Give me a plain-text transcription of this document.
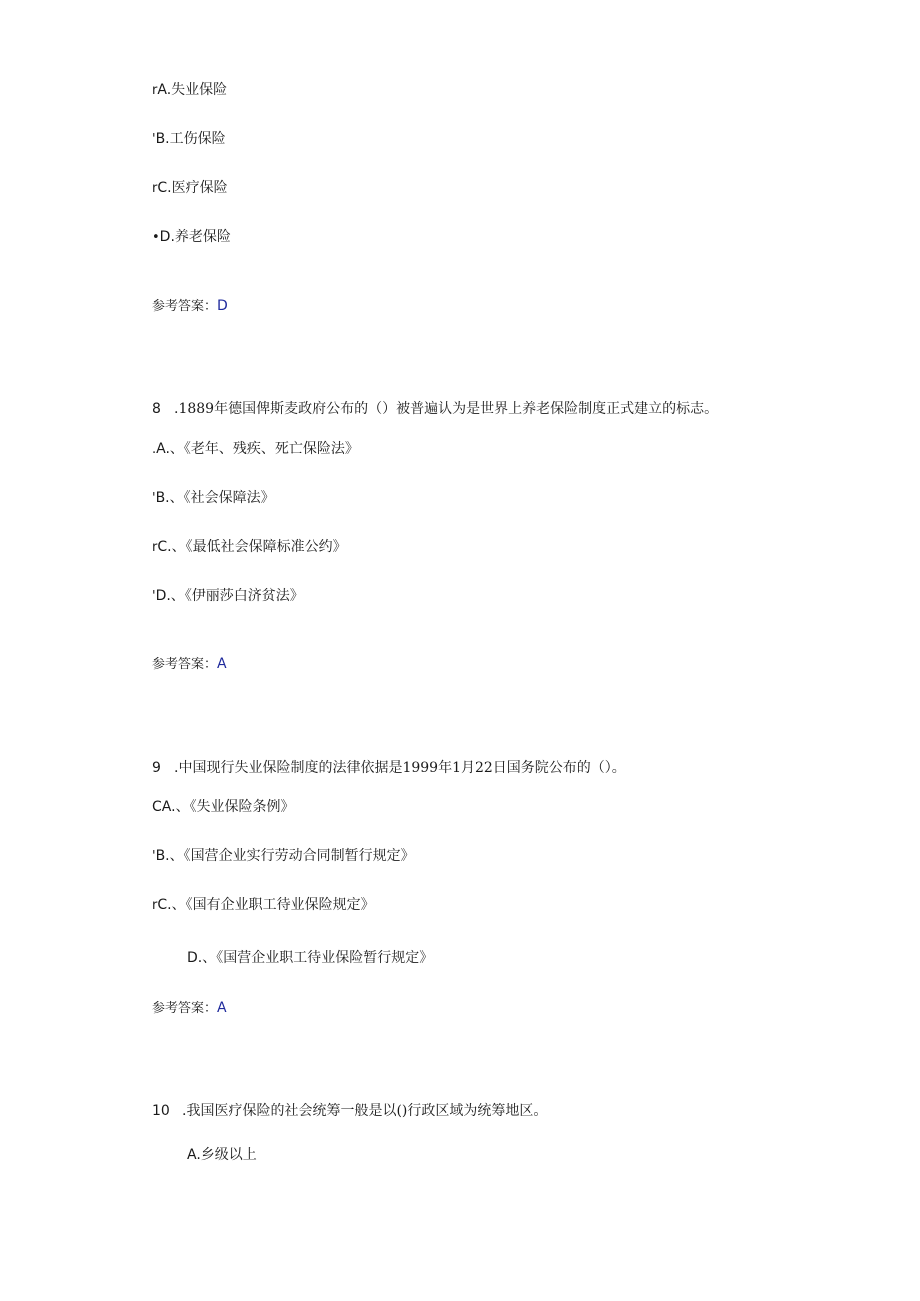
rA.失业保险
'B.工伤保险
rC.医疗保险
•D.养老保险
参考答案：D
8 .1889年德国俾斯麦政府公布的（）被普遍认为是世界上养老保险制度正式建立的标志。
.A.、《老年、残疾、死亡保险法》
'B.、《社会保障法》
rC.、《最低社会保障标准公约》
'D.、《伊丽莎白济贫法》
参考答案：A
9 .中国现行失业保险制度的法律依据是1999年1月22日国务院公布的（）。
CA.、《失业保险条例》
'B.、《国营企业实行劳动合同制暂行规定》
rC.、《国有企业职工待业保险规定》
D.、《国营企业职工待业保险暂行规定》
参考答案：A
10 .我国医疗保险的社会统筹一般是以()行政区域为统筹地区。
A.乡级以上
